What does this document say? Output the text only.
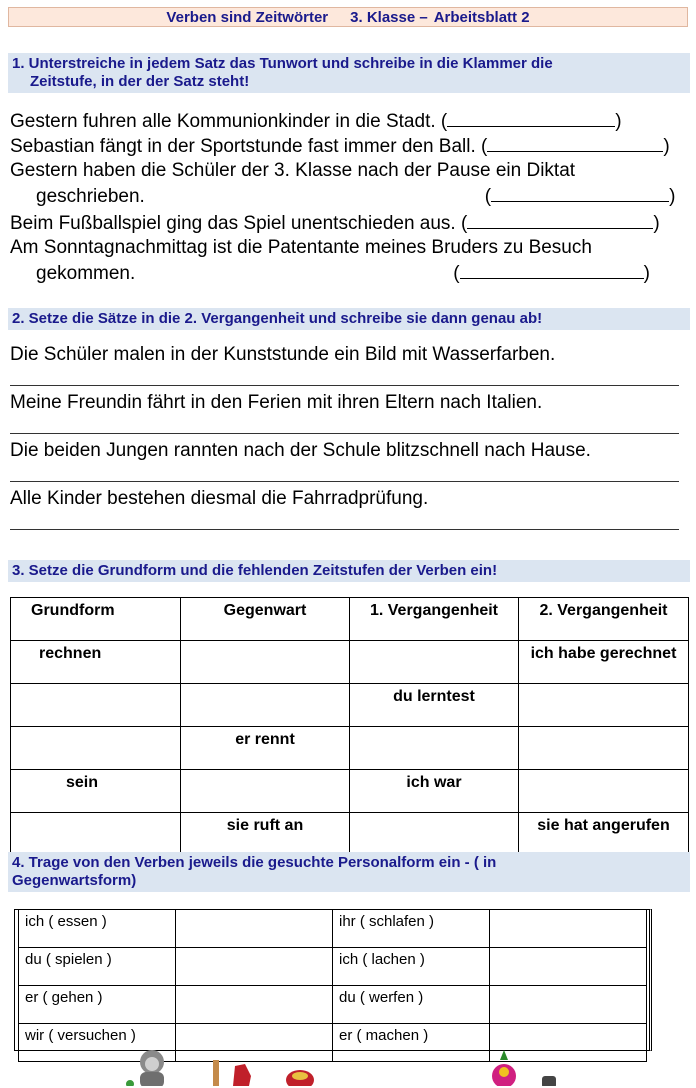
Verben sind Zeitwörter 3. Klasse – Arbeitsblatt 2
1. Unterstreiche in jedem Satz das Tunwort und schreibe in die Klammer die
Zeitstufe, in der der Satz steht!
Gestern fuhren alle Kommunionkinder in die Stadt. (	)
Sebastian fängt in der Sportstunde fast immer den Ball. (	)
Gestern haben die Schüler der 3. Klasse nach der Pause ein Diktat
geschrieben.	(	)
Beim Fußballspiel ging das Spiel unentschieden aus. (	)
Am Sonntagnachmittag ist die Patentante meines Bruders zu Besuch
gekommen.	(	)
2. Setze die Sätze in die 2. Vergangenheit und schreibe sie dann genau ab!
Die Schüler malen in der Kunststunde ein Bild mit Wasserfarben.
Meine Freundin fährt in den Ferien mit ihren Eltern nach Italien.
Die beiden Jungen rannten nach der Schule blitzschnell nach Hause.
Alle Kinder bestehen diesmal die Fahrradprüfung.
3. Setze die Grundform und die fehlenden Zeitstufen der Verben ein!
Grundform	Gegenwart	1. Vergangenheit	2. Vergangenheit
rechnen			ich habe gerechnet
		du lerntest	
	er rennt		
sein		ich war	
	sie ruft an		sie hat angerufen
4. Trage von den Verben jeweils die gesuchte Personalform ein - ( in
Gegenwartsform)
ich ( essen )		ihr ( schlafen )	
du ( spielen )		ich ( lachen )	
er ( gehen )		du ( werfen )	
wir ( versuchen )		er ( machen )	
